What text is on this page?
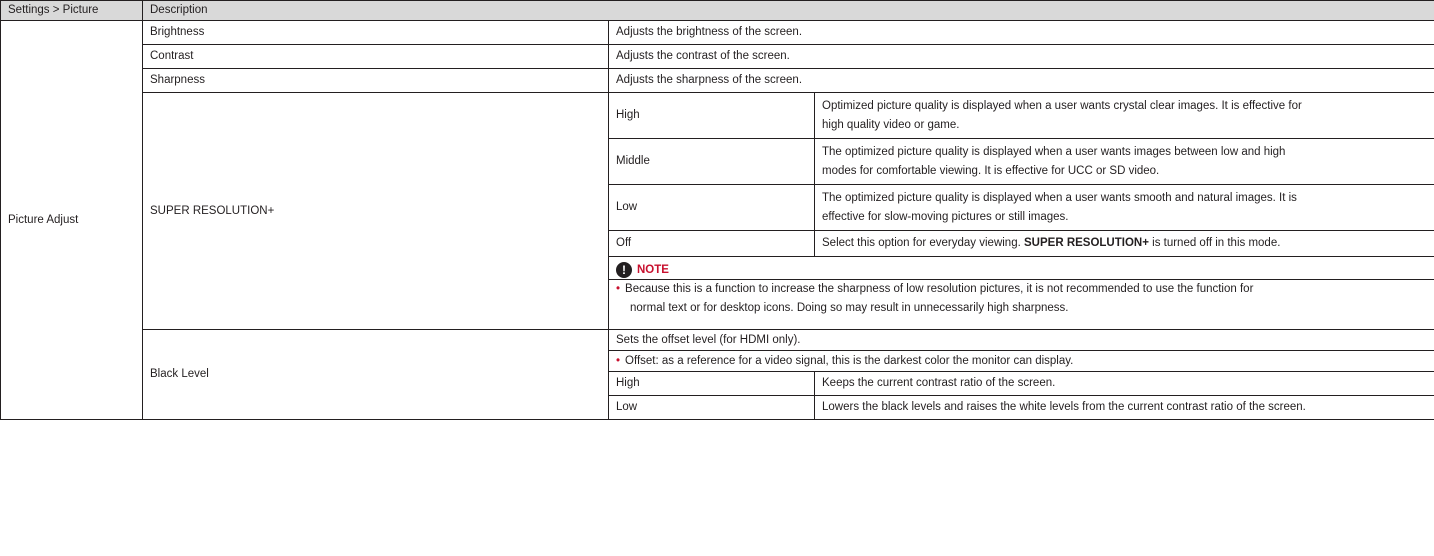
Settings > Picture	Description		
Picture Adjust	Brightness	Adjusts the brightness of the screen.	
	Contrast	Adjusts the contrast of the screen.	
	Sharpness	Adjusts the sharpness of the screen.	
	SUPER RESOLUTION+	High	Optimized picture quality is displayed when a user wants crystal clear images. It is effective for
high quality video or game.
		Middle	The optimized picture quality is displayed when a user wants images between low and high
modes for comfortable viewing. It is effective for UCC or SD video.
		Low	The optimized picture quality is displayed when a user wants smooth and natural images. It is
effective for slow-moving pictures or still images.
		Off	Select this option for everyday viewing. SUPER RESOLUTION+ is turned off in this mode.

! NOTE

• Because this is a function to increase the sharpness of low resolution pictures, it is not recommended to use the function for

normal text or for desktop icons. Doing so may result in unnecessarily high sharpness.	

	Black Level	Sets the offset level (for HDMI only).
• Offset: as a reference for a video signal, this is the darkest color the monitor can display.	

		High	Keeps the current contrast ratio of the screen.
		Low	Lowers the black levels and raises the white levels from the current contrast ratio of the screen.
